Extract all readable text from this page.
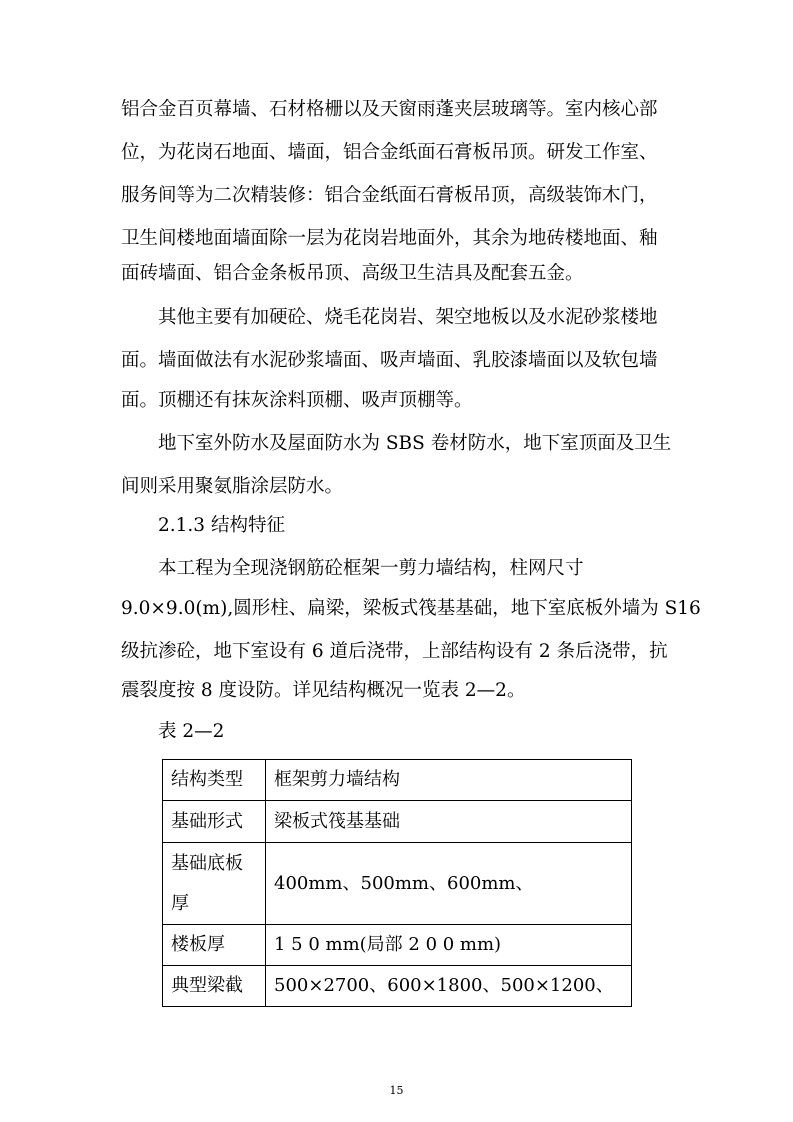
铝合金百页幕墙、石材格栅以及天窗雨蓬夹层玻璃等。室内核心部

位，为花岗石地面、墙面，铝合金纸面石膏板吊顶。研发工作室、

服务间等为二次精装修：铝合金纸面石膏板吊顶，高级装饰木门，

卫生间楼地面墙面除一层为花岗岩地面外，其余为地砖楼地面、釉

面砖墙面、铝合金条板吊顶、高级卫生洁具及配套五金。

其他主要有加硬砼、烧毛花岗岩、架空地板以及水泥砂浆楼地

面。墙面做法有水泥砂浆墙面、吸声墙面、乳胶漆墙面以及软包墙

面。顶棚还有抹灰涂料顶棚、吸声顶棚等。

地下室外防水及屋面防水为 SBS 卷材防水，地下室顶面及卫生

间则采用聚氨脂涂层防水。

2.1.3 结构特征

本工程为全现浇钢筋砼框架一剪力墙结构，柱网尺寸

9.0×9.0(m),圆形柱、扁梁，梁板式筏基基础，地下室底板外墙为 S16

级抗渗砼，地下室设有 6 道后浇带，上部结构设有 2 条后浇带，抗

震裂度按 8 度设防。详见结构概况一览表 2—2。

表 2—2

结构类型	框架剪力墙结构
基础形式	梁板式筏基基础
基础底板厚	400mm、500mm、600mm、
楼板厚	1 5 0 mm(局部 2 0 0 mm)
典型梁截	500×2700、600×1800、500×1200、
15
